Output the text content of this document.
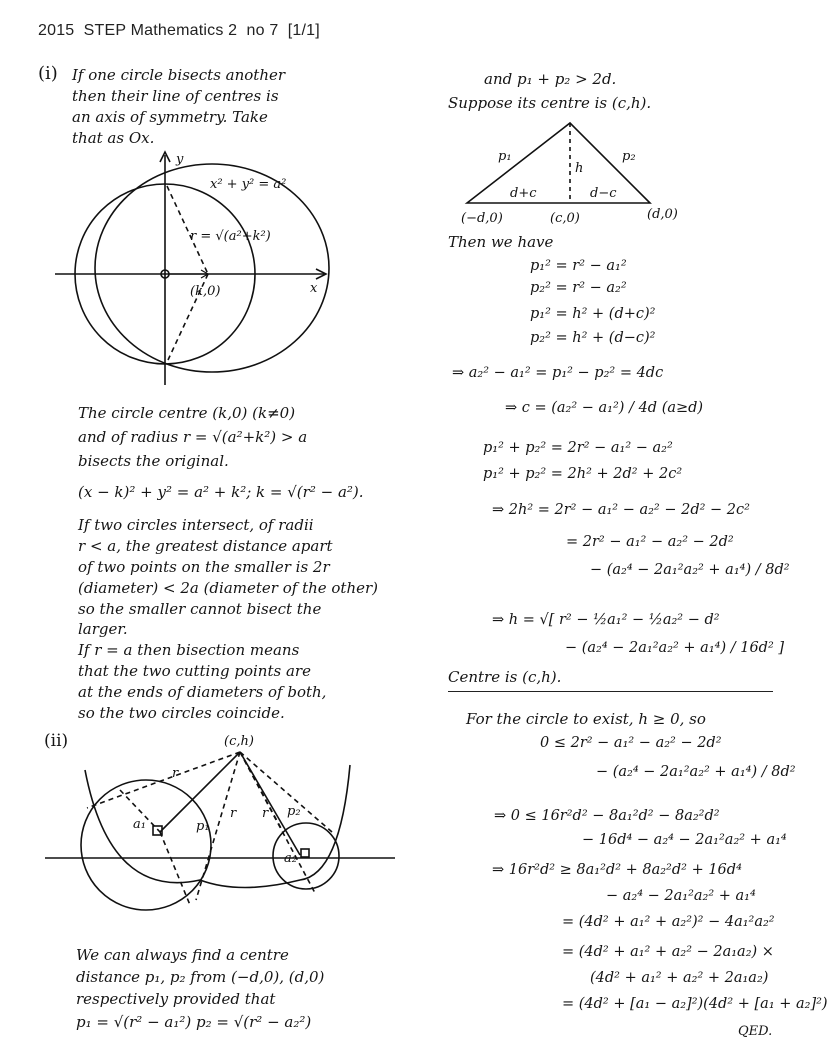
2015  STEP Mathematics 2  no 7  [1/1]
(i) If one circle bisects another
then their line of centres is
an axis of symmetry. Take
that as Ox.
y
x
x² + y² = a²
r = √(a²+k²)
(k,0)
(c,h)
r
r r
a₁	p₁
p₂
a₂
p₁	p₂
h
d+c	d−c
(−d,0)	(c,0)	(d,0)
The circle centre (k,0) (k≠0)
and of radius r = √(a²+k²) > a
bisects the original.
(x − k)² + y² = a² + k²; k = √(r² − a²).
If two circles intersect, of radii
r < a, the greatest distance apart
of two points on the smaller is 2r
(diameter) < 2a (diameter of the other)
so the smaller cannot bisect the
larger.
If r = a then bisection means
that the two cutting points are
at the ends of diameters of both,
so the two circles coincide.
(ii)
We can always find a centre
distance p₁, p₂ from (−d,0), (d,0)
respectively provided that
p₁ = √(r² − a₁²) p₂ = √(r² − a₂²)
and p₁ + p₂ > 2d.
Suppose its centre is (c,h).
Then we have
p₁² = r² − a₁²
p₂² = r² − a₂²
p₁² = h² + (d+c)²
p₂² = h² + (d−c)²
⇒ a₂² − a₁² = p₁² − p₂² = 4dc
⇒ c = (a₂² − a₁²) / 4d (a≥d)
p₁² + p₂² = 2r² − a₁² − a₂²
p₁² + p₂² = 2h² + 2d² + 2c²
⇒ 2h² = 2r² − a₁² − a₂² − 2d² − 2c²
= 2r² − a₁² − a₂² − 2d²
− (a₂⁴ − 2a₁²a₂² + a₁⁴) / 8d²
⇒ h = √[ r² − ½a₁² − ½a₂² − d²
− (a₂⁴ − 2a₁²a₂² + a₁⁴) / 16d² ]
Centre is (c,h).
For the circle to exist, h ≥ 0, so
0 ≤ 2r² − a₁² − a₂² − 2d²
− (a₂⁴ − 2a₁²a₂² + a₁⁴) / 8d²
⇒ 0 ≤ 16r²d² − 8a₁²d² − 8a₂²d²
− 16d⁴ − a₂⁴ − 2a₁²a₂² + a₁⁴
⇒ 16r²d² ≥ 8a₁²d² + 8a₂²d² + 16d⁴
− a₂⁴ − 2a₁²a₂² + a₁⁴
= (4d² + a₁² + a₂²)² − 4a₁²a₂²
= (4d² + a₁² + a₂² − 2a₁a₂) ×
(4d² + a₁² + a₂² + 2a₁a₂)
= (4d² + [a₁ − a₂]²)(4d² + [a₁ + a₂]²)
QED.
